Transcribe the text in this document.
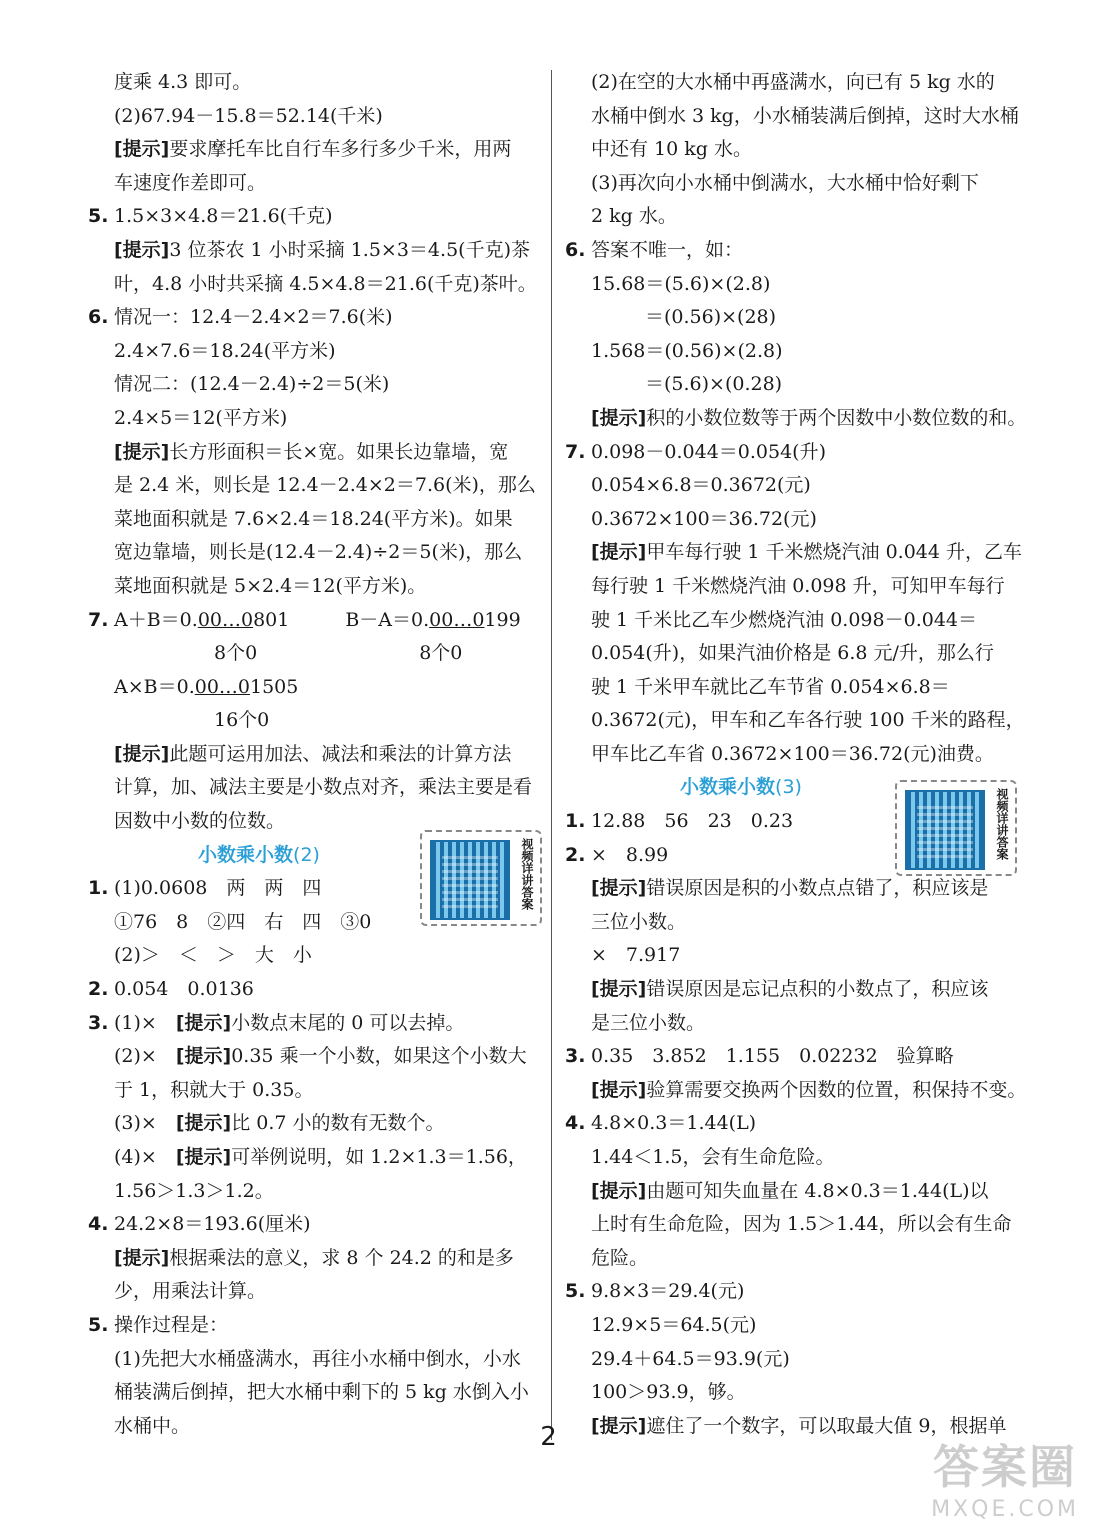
度乘 4.3 即可。
(2)67.94－15.8＝52.14(千米)
[提示]要求摩托车比自行车多行多少千米，用两
车速度作差即可。
5. 1.5×3×4.8＝21.6(千克)
[提示]3 位茶农 1 小时采摘 1.5×3＝4.5(千克)茶
叶，4.8 小时共采摘 4.5×4.8＝21.6(千克)茶叶。
6. 情况一：12.4－2.4×2＝7.6(米)
2.4×7.6＝18.24(平方米)
情况二：(12.4－2.4)÷2＝5(米)
2.4×5＝12(平方米)
[提示]长方形面积＝长×宽。如果长边靠墙，宽
是 2.4 米，则长是 12.4－2.4×2＝7.6(米)，那么
菜地面积就是 7.6×2.4＝18.24(平方米)。如果
宽边靠墙，则长是(12.4－2.4)÷2＝5(米)，那么
菜地面积就是 5×2.4＝12(平方米)。
7. A＋B＝0.00…0801	B－A＝0.00…0199
8个0	8个0
A×B＝0.00…01505
16个0
[提示]此题可运用加法、减法和乘法的计算方法
计算，加、减法主要是小数点对齐，乘法主要是看
因数中小数的位数。
小数乘小数(2)
1. (1)0.0608　两　两　四
①76　8　②四　右　四　③0
(2)＞　＜　＞　大　小
2. 0.054　0.0136
3. (1)×　[提示]小数点末尾的 0 可以去掉。
(2)×　[提示]0.35 乘一个小数，如果这个小数大
于 1，积就大于 0.35。
(3)×　[提示]比 0.7 小的数有无数个。
(4)×　[提示]可举例说明，如 1.2×1.3＝1.56，
1.56＞1.3＞1.2。
4. 24.2×8＝193.6(厘米)
[提示]根据乘法的意义，求 8 个 24.2 的和是多
少，用乘法计算。
5. 操作过程是：
(1)先把大水桶盛满水，再往小水桶中倒水，小水
桶装满后倒掉，把大水桶中剩下的 5 kg 水倒入小
水桶中。
视频详讲答案
(2)在空的大水桶中再盛满水，向已有 5 kg 水的
水桶中倒水 3 kg，小水桶装满后倒掉，这时大水桶
中还有 10 kg 水。
(3)再次向小水桶中倒满水，大水桶中恰好剩下
2 kg 水。
6. 答案不唯一，如：
15.68＝(5.6)×(2.8)
＝(0.56)×(28)
1.568＝(0.56)×(2.8)
＝(5.6)×(0.28)
[提示]积的小数位数等于两个因数中小数位数的和。
7. 0.098－0.044＝0.054(升)
0.054×6.8＝0.3672(元)
0.3672×100＝36.72(元)
[提示]甲车每行驶 1 千米燃烧汽油 0.044 升，乙车
每行驶 1 千米燃烧汽油 0.098 升，可知甲车每行
驶 1 千米比乙车少燃烧汽油 0.098－0.044＝
0.054(升)，如果汽油价格是 6.8 元/升，那么行
驶 1 千米甲车就比乙车节省 0.054×6.8＝
0.3672(元)，甲车和乙车各行驶 100 千米的路程，
甲车比乙车省 0.3672×100＝36.72(元)油费。
小数乘小数(3)
1. 12.88　56　23　0.23
2. ×　8.99
[提示]错误原因是积的小数点点错了，积应该是
三位小数。
×　7.917
[提示]错误原因是忘记点积的小数点了，积应该
是三位小数。
3. 0.35　3.852　1.155　0.02232　验算略
[提示]验算需要交换两个因数的位置，积保持不变。
4. 4.8×0.3＝1.44(L)
1.44＜1.5，会有生命危险。
[提示]由题可知失血量在 4.8×0.3＝1.44(L)以
上时有生命危险，因为 1.5＞1.44，所以会有生命
危险。
5. 9.8×3＝29.4(元)
12.9×5＝64.5(元)
29.4＋64.5＝93.9(元)
100＞93.9，够。
[提示]遮住了一个数字，可以取最大值 9，根据单
视频详讲答案
2
答案圈
MXQE.COM
